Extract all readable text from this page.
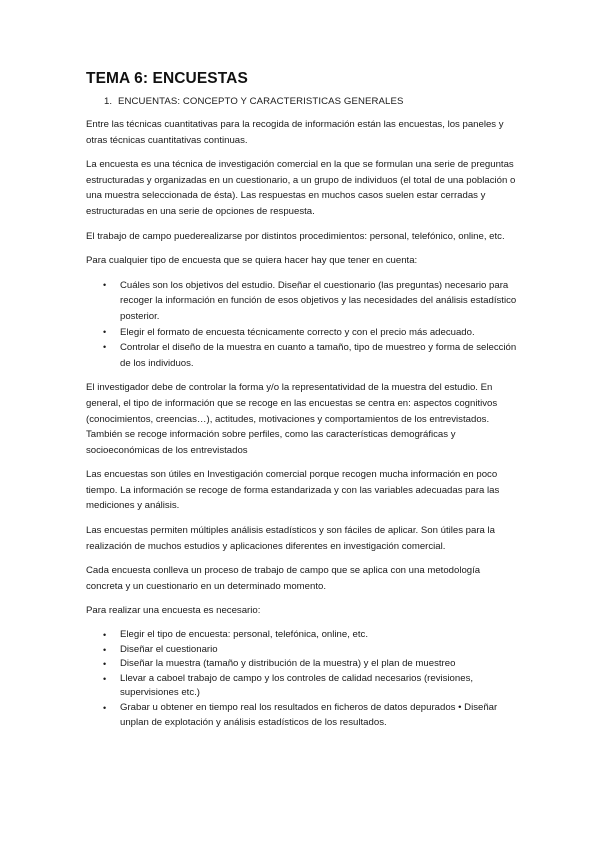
TEMA 6: ENCUESTAS
1. ENCUENTAS: CONCEPTO Y CARACTERISTICAS GENERALES

Entre las técnicas cuantitativas para la recogida de información están las encuestas, los paneles y otras técnicas cuantitativas continuas.

La encuesta es una técnica de investigación comercial en la que se formulan una serie de preguntas estructuradas y organizadas en un cuestionario, a un grupo de individuos (el total de una población o una muestra seleccionada de ésta). Las respuestas en muchos casos suelen estar cerradas y estructuradas en una serie de opciones de respuesta.

El trabajo de campo puederealizarse por distintos procedimientos: personal, telefónico, online, etc.

Para cualquier tipo de encuesta que se quiera hacer hay que tener en cuenta:

• Cuáles son los objetivos del estudio. Diseñar el cuestionario (las preguntas) necesario para recoger la información en función de esos objetivos y las necesidades del análisis estadístico posterior.
• Elegir el formato de encuesta técnicamente correcto y con el precio más adecuado.
• Controlar el diseño de la muestra en cuanto a tamaño, tipo de muestreo y forma de selección de los individuos.

El investigador debe de controlar la forma y/o la representatividad de la muestra del estudio. En general, el tipo de información que se recoge en las encuestas se centra en: aspectos cognitivos (conocimientos, creencias…), actitudes, motivaciones y comportamientos de los entrevistados. También se recoge información sobre perfiles, como las características demográficas y socioeconómicas de los entrevistados

Las encuestas son útiles en Investigación comercial porque recogen mucha información en poco tiempo. La información se recoge de forma estandarizada y con las variables adecuadas para las mediciones y análisis.

Las encuestas permiten múltiples análisis estadísticos y son fáciles de aplicar. Son útiles para la realización de muchos estudios y aplicaciones diferentes en investigación comercial.

Cada encuesta conlleva un proceso de trabajo de campo que se aplica con una metodología concreta y un cuestionario en un determinado momento.

Para realizar una encuesta es necesario:

• Elegir el tipo de encuesta: personal, telefónica, online, etc.
• Diseñar el cuestionario
• Diseñar la muestra (tamaño y distribución de la muestra) y el plan de muestreo
• Llevar a caboel trabajo de campo y los controles de calidad necesarios (revisiones, supervisiones etc.)
• Grabar u obtener en tiempo real los resultados en ficheros de datos depurados • Diseñar unplan de explotación y análisis estadísticos de los resultados.
